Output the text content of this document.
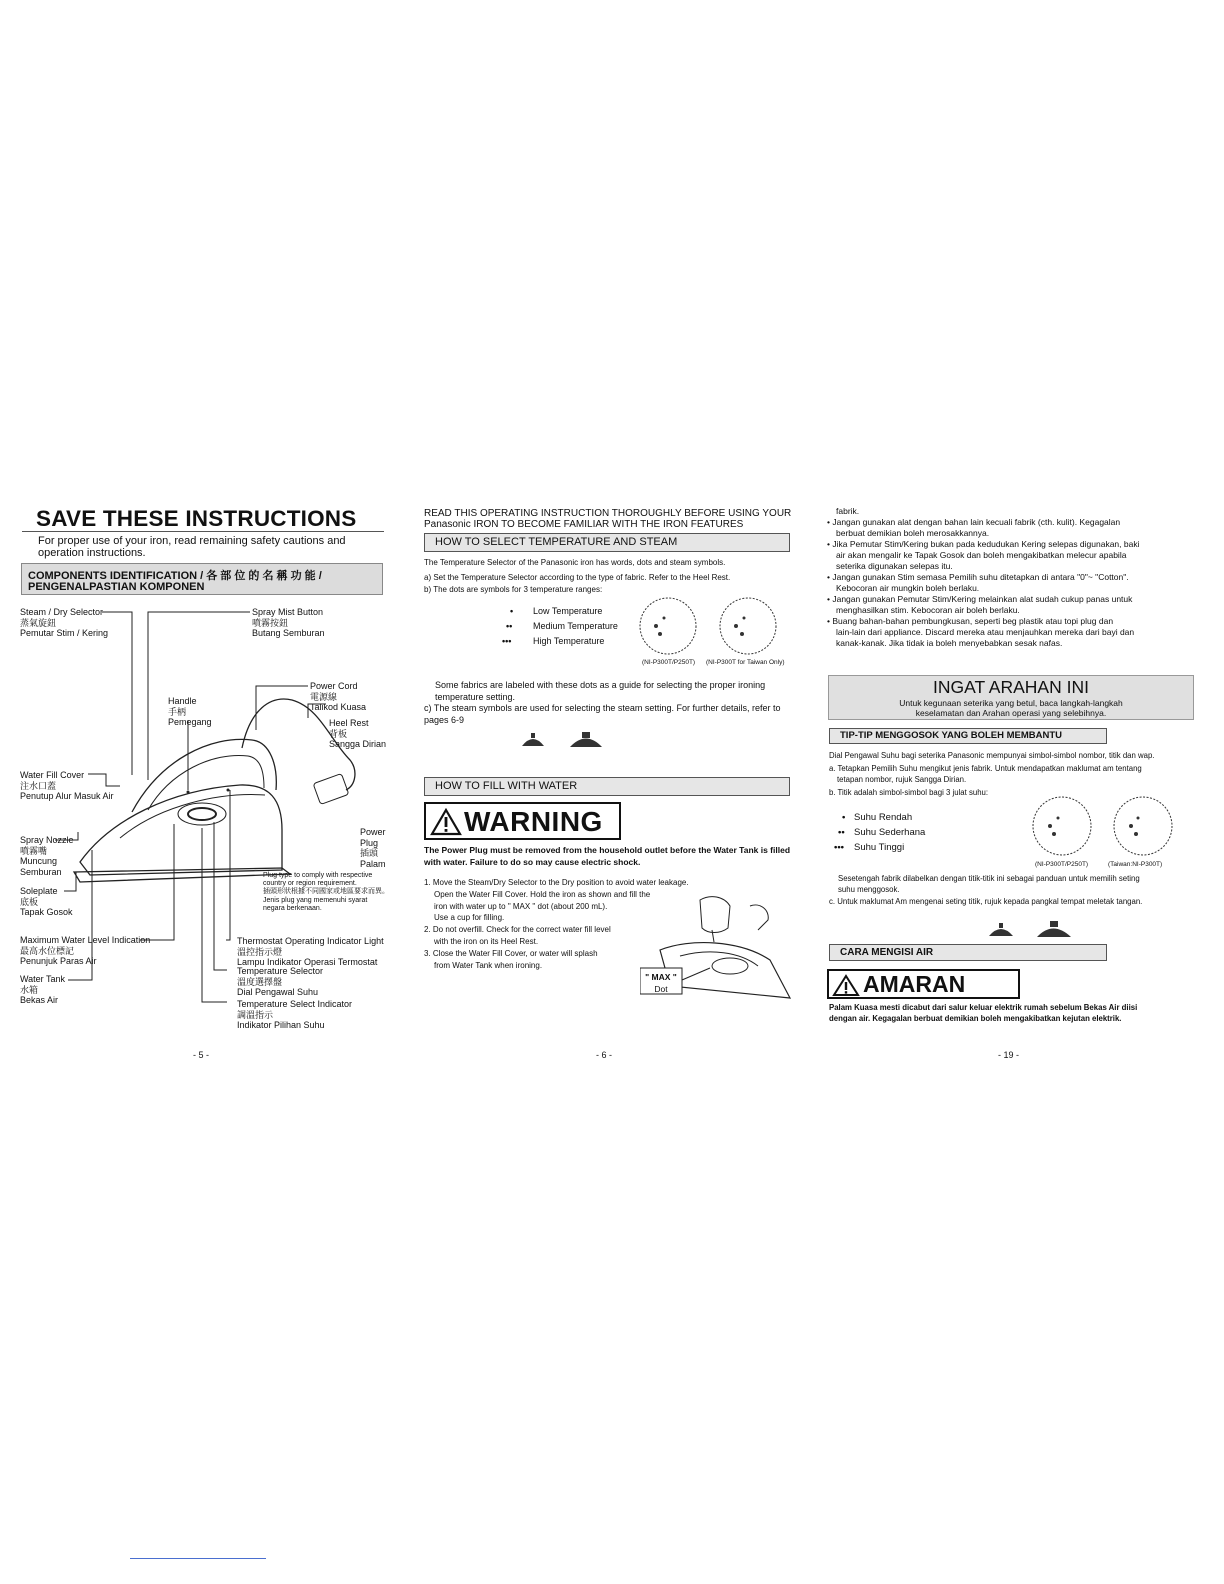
SAVE THESE INSTRUCTIONS
For proper use of your iron, read remaining safety cautions and operation instructions.
COMPONENTS IDENTIFICATION / 各 部 位 的 名 稱 功 能 /
PENGENALPASTIAN KOMPONEN
Steam / Dry Selector
蒸氣旋鈕
Pemutar Stim / Kering
Spray Mist Button
噴霧按鈕
Butang Semburan
Power Cord
電源線
Talikod Kuasa
Handle
手柄
Pemegang	Heel Rest
背板
Sangga Dirian
Water Fill Cover
注水口蓋
Penutup Alur Masuk Air
Spray Nozzle
噴霧嘴
Muncung
Semburan
Power
Plug
插頭
Palam
Soleplate
底板
Tapak Gosok
Plug type to comply with respective
country or region requirement.
插頭形狀根據不同國家或地區要求而異。
Jenis plug yang memenuhi syarat
negara berkenaan.
Maximum Water Level Indication
最高水位標記
Penunjuk Paras Air
Thermostat Operating Indicator Light
溫控指示燈
Lampu Indikator Operasi Termostat
Temperature Selector
溫度選擇盤
Dial Pengawal Suhu
Water Tank
水箱
Bekas Air	Temperature Select Indicator
調溫指示
Indikator Pilihan Suhu
- 5 -
READ THIS OPERATING INSTRUCTION THOROUGHLY BEFORE USING YOUR Panasonic IRON TO BECOME FAMILIAR WITH THE IRON FEATURES
HOW TO SELECT TEMPERATURE AND STEAM
The Temperature Selector of the Panasonic iron has words, dots and steam symbols.
a) Set the Temperature Selector according to the type of fabric. Refer to the Heel Rest.
b) The dots are symbols for 3 temperature ranges:
• Low Temperature
•• Medium Temperature
••• High Temperature
(NI-P300T/P250T) (NI-P300T for Taiwan Only)
Some fabrics are labeled with these dots as a guide for selecting the proper ironing temperature setting.
c) The steam symbols are used for selecting the steam setting. For further details, refer to pages 6-9
HOW TO FILL WITH WATER
WARNING
The Power Plug must be removed from the household outlet before the Water Tank is filled with water. Failure to do so may cause electric shock.
1. Move the Steam/Dry Selector to the Dry position to avoid water leakage.
Open the Water Fill Cover. Hold the iron as shown and fill the
iron with water up to " MAX " dot (about 200 mL).
Use a cup for filling.
2. Do not overfill. Check for the correct water fill level
with the iron on its Heel Rest.
3. Close the Water Fill Cover, or water will splash
from Water Tank when ironing.
" MAX "
Dot
- 6 -
fabrik.
• Jangan gunakan alat dengan bahan lain kecuali fabrik (cth. kulit). Kegagalan
berbuat demikian boleh merosakkannya.
• Jika Pemutar Stim/Kering bukan pada kedudukan Kering selepas digunakan, baki
air akan mengalir ke Tapak Gosok dan boleh mengakibatkan melecur apabila
seterika digunakan selepas itu.
• Jangan gunakan Stim semasa Pemilih suhu ditetapkan di antara "0"~ "Cotton".
Kebocoran air mungkin boleh berlaku.
• Jangan gunakan Pemutar Stim/Kering melainkan alat sudah cukup panas untuk
menghasilkan stim. Kebocoran air boleh berlaku.
• Buang bahan-bahan pembungkusan, seperti beg plastik atau topi plug dan
lain-lain dari appliance. Discard mereka atau menjauhkan mereka dari bayi dan
kanak-kanak. Jika tidak ia boleh menyebabkan sesak nafas.
INGAT ARAHAN INI
Untuk kegunaan seterika yang betul, baca langkah-langkah
keselamatan dan Arahan operasi yang selebihnya.
TIP-TIP MENGGOSOK YANG BOLEH MEMBANTU
Dial Pengawal Suhu bagi seterika Panasonic mempunyai simbol-simbol nombor, titik dan wap.
a. Tetapkan Pemilih Suhu mengikut jenis fabrik. Untuk mendapatkan maklumat am tentang
tetapan nombor, rujuk Sangga Dirian.
b. Titik adalah simbol-simbol bagi 3 julat suhu:
• Suhu Rendah
•• Suhu Sederhana
••• Suhu Tinggi
(NI-P300T/P250T)	(Taiwan:NI-P300T)
Sesetengah fabrik dilabelkan dengan titik-titik ini sebagai panduan untuk memilih seting
suhu menggosok.
c. Untuk maklumat Am mengenai seting titik, rujuk kepada pangkal tempat meletak tangan.
CARA MENGISI AIR
AMARAN
Palam Kuasa mesti dicabut dari salur keluar elektrik rumah sebelum Bekas Air diisi
dengan air. Kegagalan berbuat demikian boleh mengakibatkan kejutan elektrik.
- 19 -
